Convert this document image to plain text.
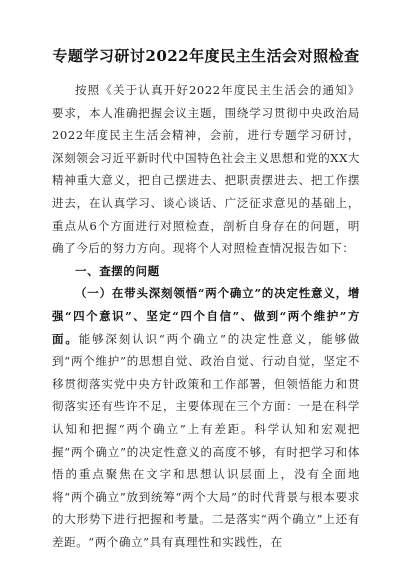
专题学习研讨2022年度民主生活会对照检查

按照《关于认真开好2022年度民主生活会的通知》要求，本人准确把握会议主题，围绕学习贯彻中央政治局2022年度民主生活会精神，会前，进行专题学习研讨，深刻领会习近平新时代中国特色社会主义思想和党的XX大精神重大意义，把自己摆进去、把职责摆进去、把工作摆进去，在认真学习、谈心谈话、广泛征求意见的基础上，重点从6个方面进行对照检查，剖析自身存在的问题，明确了今后的努力方向。现将个人对照检查情况报告如下：

一、查摆的问题

（一）在带头深刻领悟“两个确立”的决定性意义，增强“四个意识”、坚定“四个自信”、做到“两个维护”方面。能够深刻认识“两个确立”的决定性意义，能够做到“两个维护”的思想自觉、政治自觉、行动自觉，坚定不移贯彻落实党中央方针政策和工作部署，但领悟能力和贯彻落实还有些许不足，主要体现在三个方面：一是在科学认知和把握“两个确立”上有差距。科学认知和宏观把握“两个确立”的决定性意义的高度不够，有时把学习和体悟的重点聚焦在文字和思想认识层面上，没有全面地将“两个确立”放到统筹“两个大局”的时代背景与根本要求的大形势下进行把握和考量。二是落实“两个确立”上还有差距。“两个确立”具有真理性和实践性，在
